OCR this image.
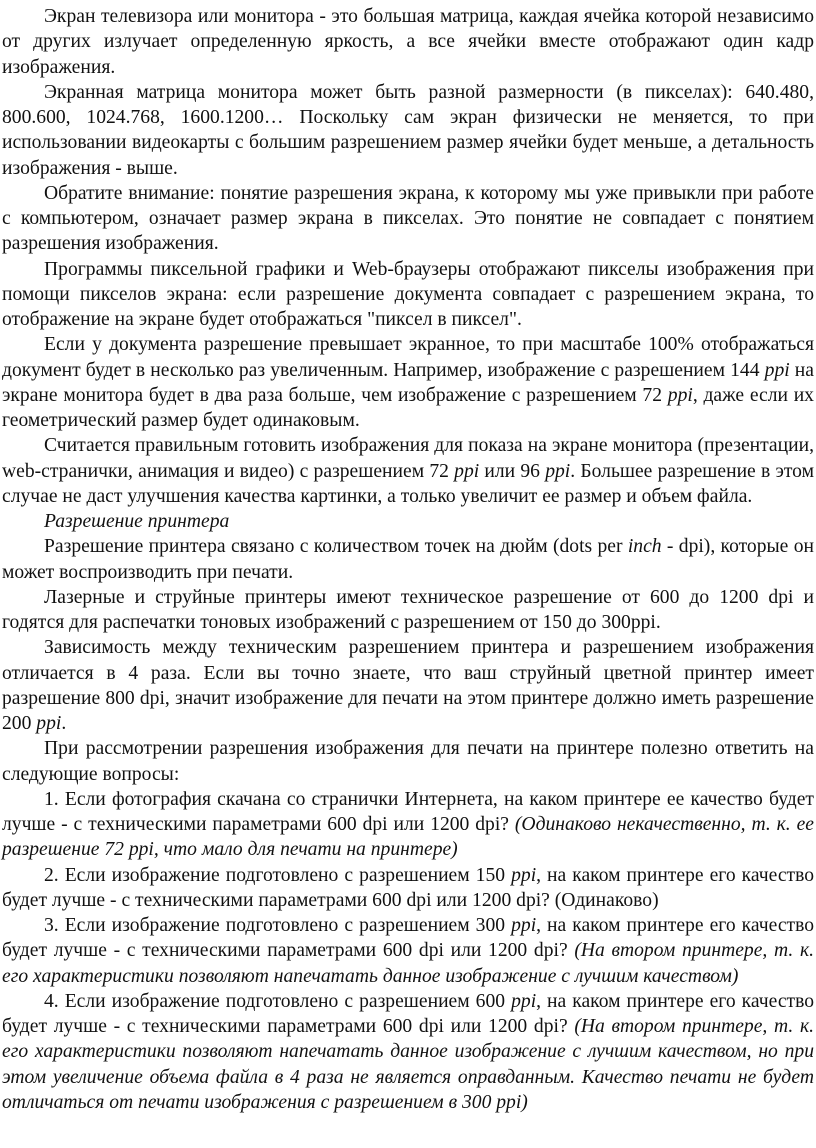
Экран телевизора или монитора - это большая матрица, каждая ячейка которой независимо от других излучает определенную яркость, а все ячейки вместе отображают один кадр изображения.

Экранная матрица монитора может быть разной размерности (в пикселах): 640.480, 800.600, 1024.768, 1600.1200… Поскольку сам экран физически не меняется, то при использовании видеокарты с большим разрешением размер ячейки будет меньше, а детальность изображения - выше.

Обратите внимание: понятие разрешения экрана, к которому мы уже привыкли при работе с компьютером, означает размер экрана в пикселах. Это понятие не совпадает с понятием разрешения изображения.

Программы пиксельной графики и Web-браузеры отображают пикселы изображения при помощи пикселов экрана: если разрешение документа совпадает с разрешением экрана, то отображение на экране будет отображаться "пиксел в пиксел".

Если у документа разрешение превышает экранное, то при масштабе 100% отображаться документ будет в несколько раз увеличенным. Например, изображение с разрешением 144 ppi на экране монитора будет в два раза больше, чем изображение с разрешением 72 ppi, даже если их геометрический размер будет одинаковым.

Считается правильным готовить изображения для показа на экране монитора (презентации, web-странички, анимация и видео) с разрешением 72 ppi или 96 ppi. Большее разрешение в этом случае не даст улучшения качества картинки, а только увеличит ее размер и объем файла.

Разрешение принтера

Разрешение принтера связано с количеством точек на дюйм (dots per inch - dpi), которые он может воспроизводить при печати.

Лазерные и струйные принтеры имеют техническое разрешение от 600 до 1200 dpi и годятся для распечатки тоновых изображений с разрешением от 150 до 300ppi.

Зависимость между техническим разрешением принтера и разрешением изображения отличается в 4 раза. Если вы точно знаете, что ваш струйный цветной принтер имеет разрешение 800 dpi, значит изображение для печати на этом принтере должно иметь разрешение 200 ppi.

При рассмотрении разрешения изображения для печати на принтере полезно ответить на следующие вопросы:

1. Если фотография скачана со странички Интернета, на каком принтере ее качество будет лучше - с техническими параметрами 600 dpi или 1200 dpi? (Одинаково некачественно, т. к. ее разрешение 72 ppi, что мало для печати на принтере)

2. Если изображение подготовлено с разрешением 150 ppi, на каком принтере его качество будет лучше - с техническими параметрами 600 dpi или 1200 dpi? (Одинаково)

3. Если изображение подготовлено с разрешением 300 ppi, на каком принтере его качество будет лучше - с техническими параметрами 600 dpi или 1200 dpi? (На втором принтере, т. к. его характеристики позволяют напечатать данное изображение с лучшим качеством)

4. Если изображение подготовлено с разрешением 600 ppi, на каком принтере его качество будет лучше - с техническими параметрами 600 dpi или 1200 dpi? (На втором принтере, т. к. его характеристики позволяют напечатать данное изображение с лучшим качеством, но при этом увеличение объема файла в 4 раза не является оправданным. Качество печати не будет отличаться от печати изображения с разрешением в 300 ppi)
